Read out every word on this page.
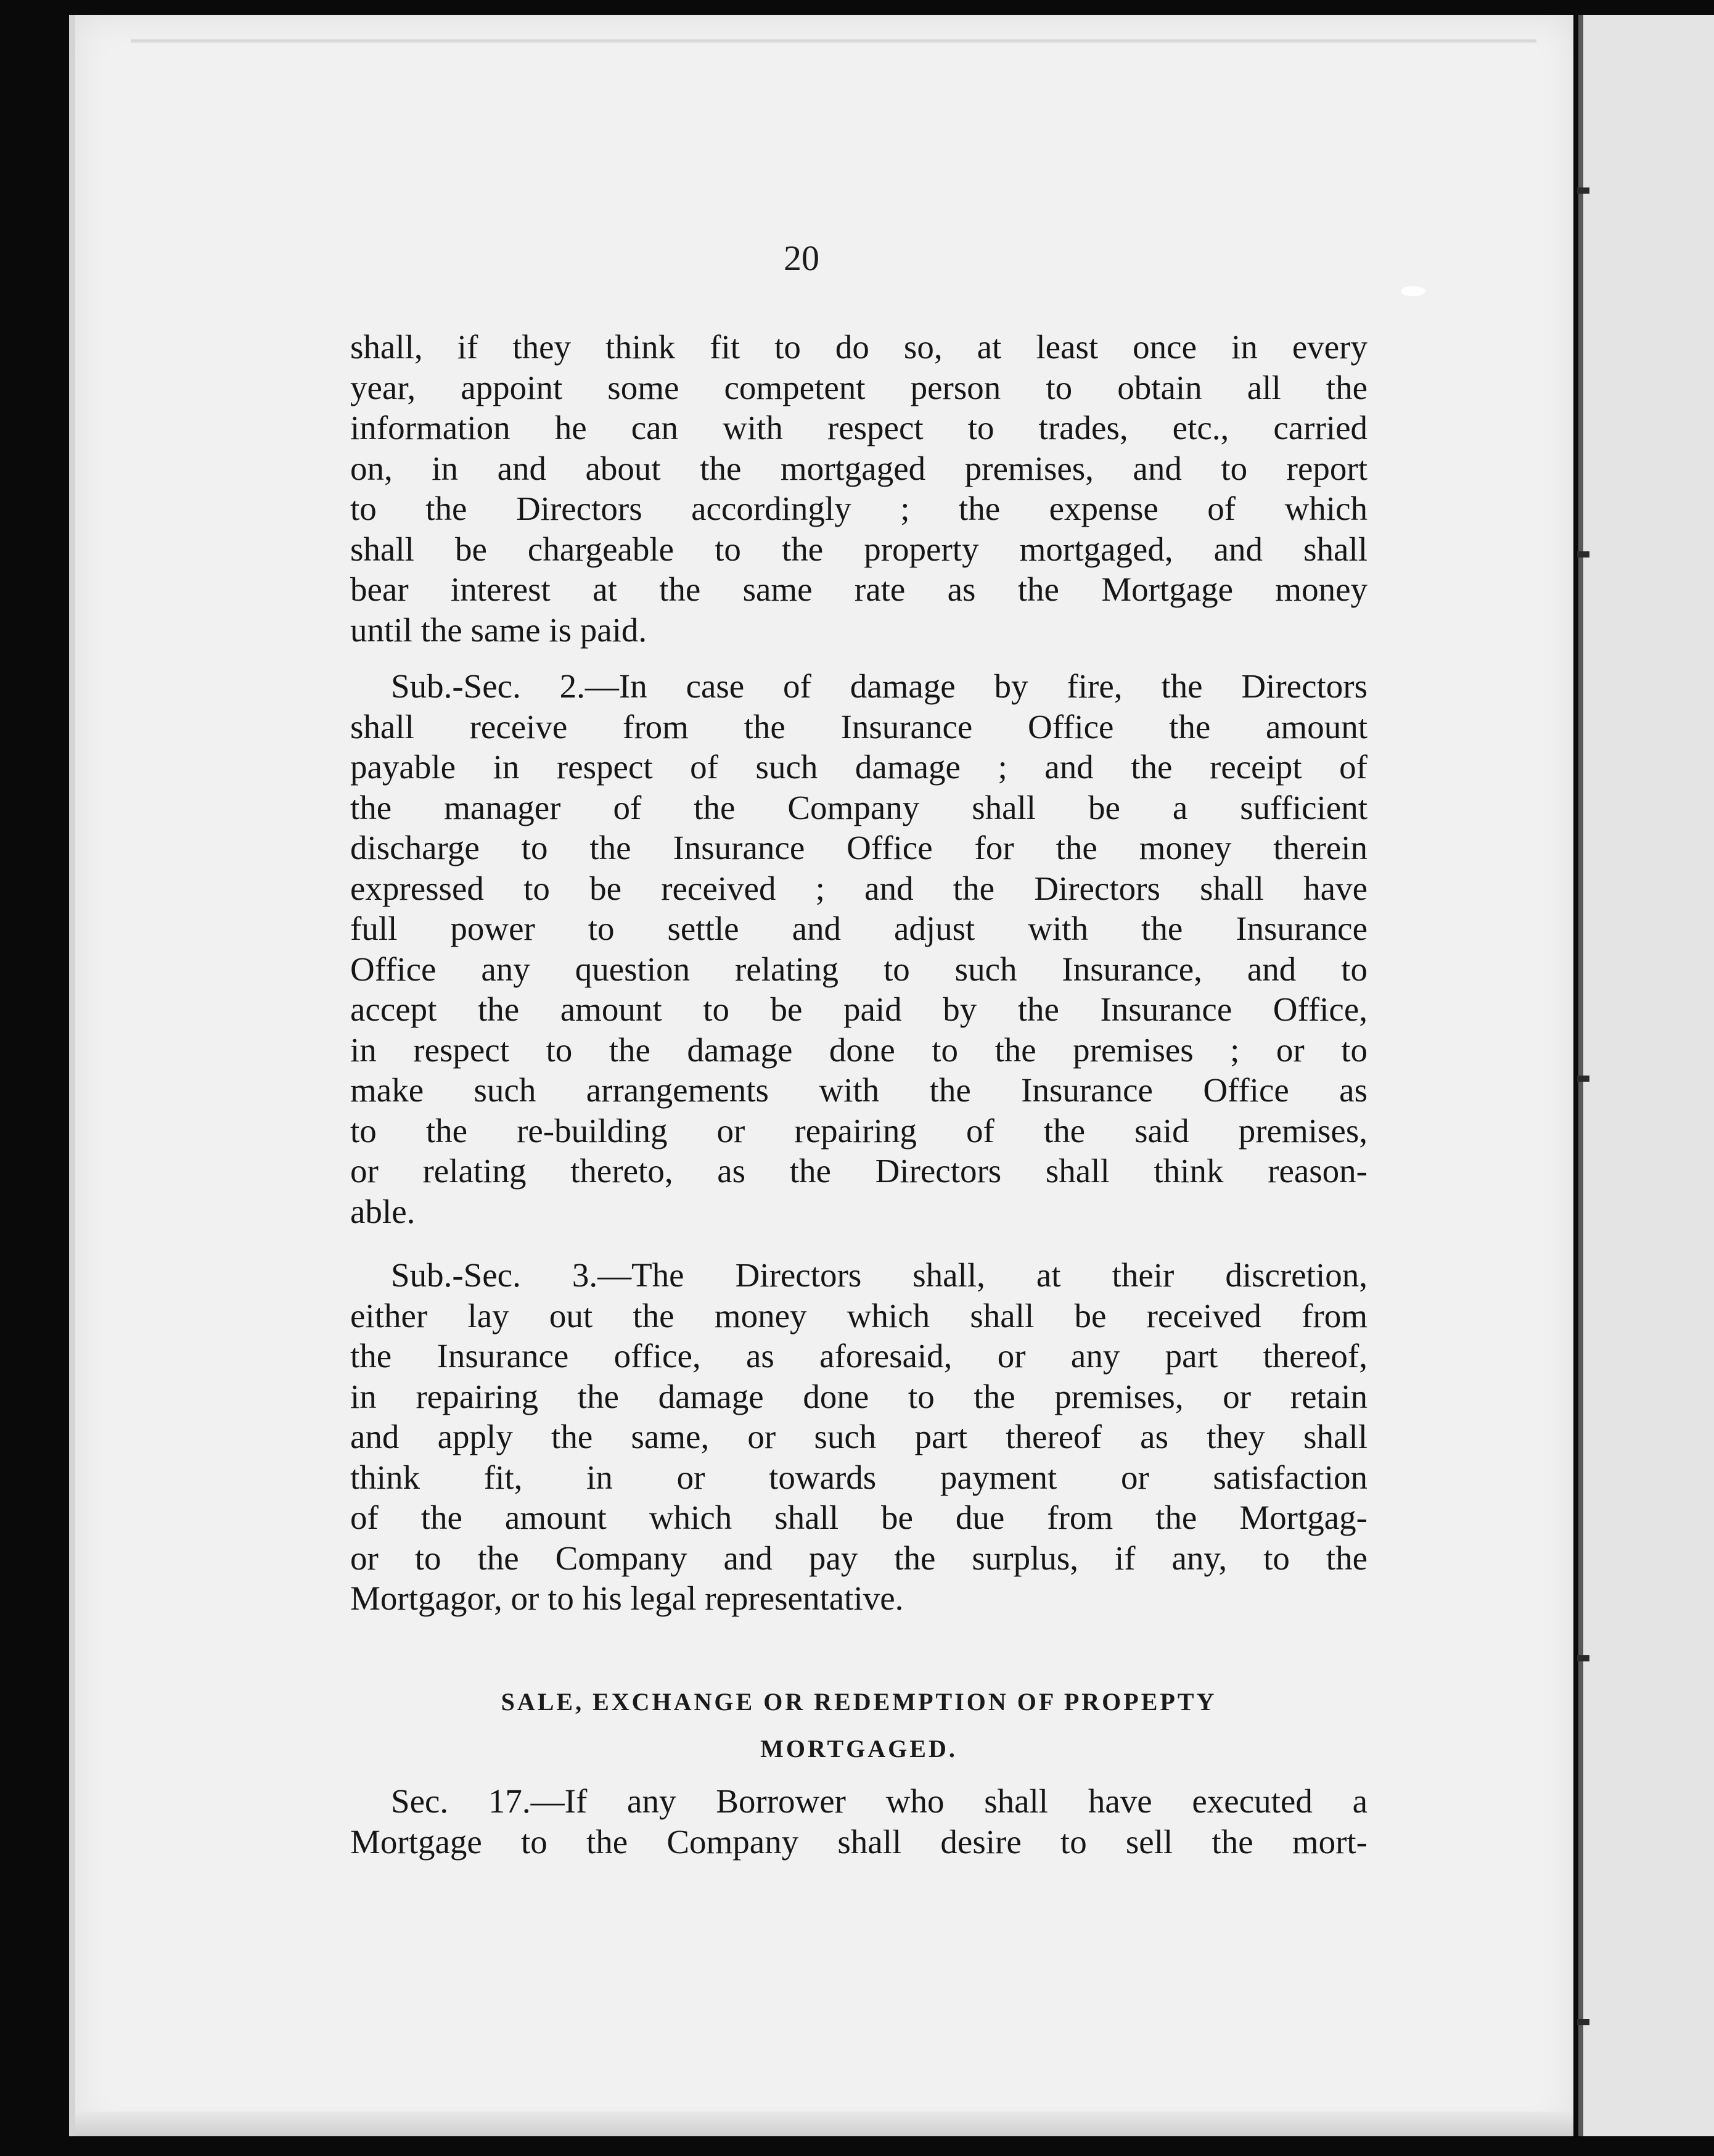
20
shall, if they think fit to do so, at least once in every
year, appoint some competent person to obtain all the
information he can with respect to trades, etc., carried
on, in and about the mortgaged premises, and to report
to the Directors accordingly ; the expense of which
shall be chargeable to the property mortgaged, and shall
bear interest at the same rate as the Mortgage money
until the same is paid.
Sub.-Sec. 2.—In case of damage by fire, the Directors
shall receive from the Insurance Office the amount
payable in respect of such damage ; and the receipt of
the manager of the Company shall be a sufficient
discharge to the Insurance Office for the money therein
expressed to be received ; and the Directors shall have
full power to settle and adjust with the Insurance
Office any question relating to such Insurance, and to
accept the amount to be paid by the Insurance Office,
in respect to the damage done to the premises ; or to
make such arrangements with the Insurance Office as
to the re-building or repairing of the said premises,
or relating thereto, as the Directors shall think reason-
able.
Sub.-Sec. 3.—The Directors shall, at their discretion,
either lay out the money which shall be received from
the Insurance office, as aforesaid, or any part thereof,
in repairing the damage done to the premises, or retain
and apply the same, or such part thereof as they shall
think fit, in or towards payment or satisfaction
of the amount which shall be due from the Mortgag-
or to the Company and pay the surplus, if any, to the
Mortgagor, or to his legal representative.
SALE, EXCHANGE OR REDEMPTION OF PROPEPTY
MORTGAGED.
Sec. 17.—If any Borrower who shall have executed a
Mortgage to the Company shall desire to sell the mort-
